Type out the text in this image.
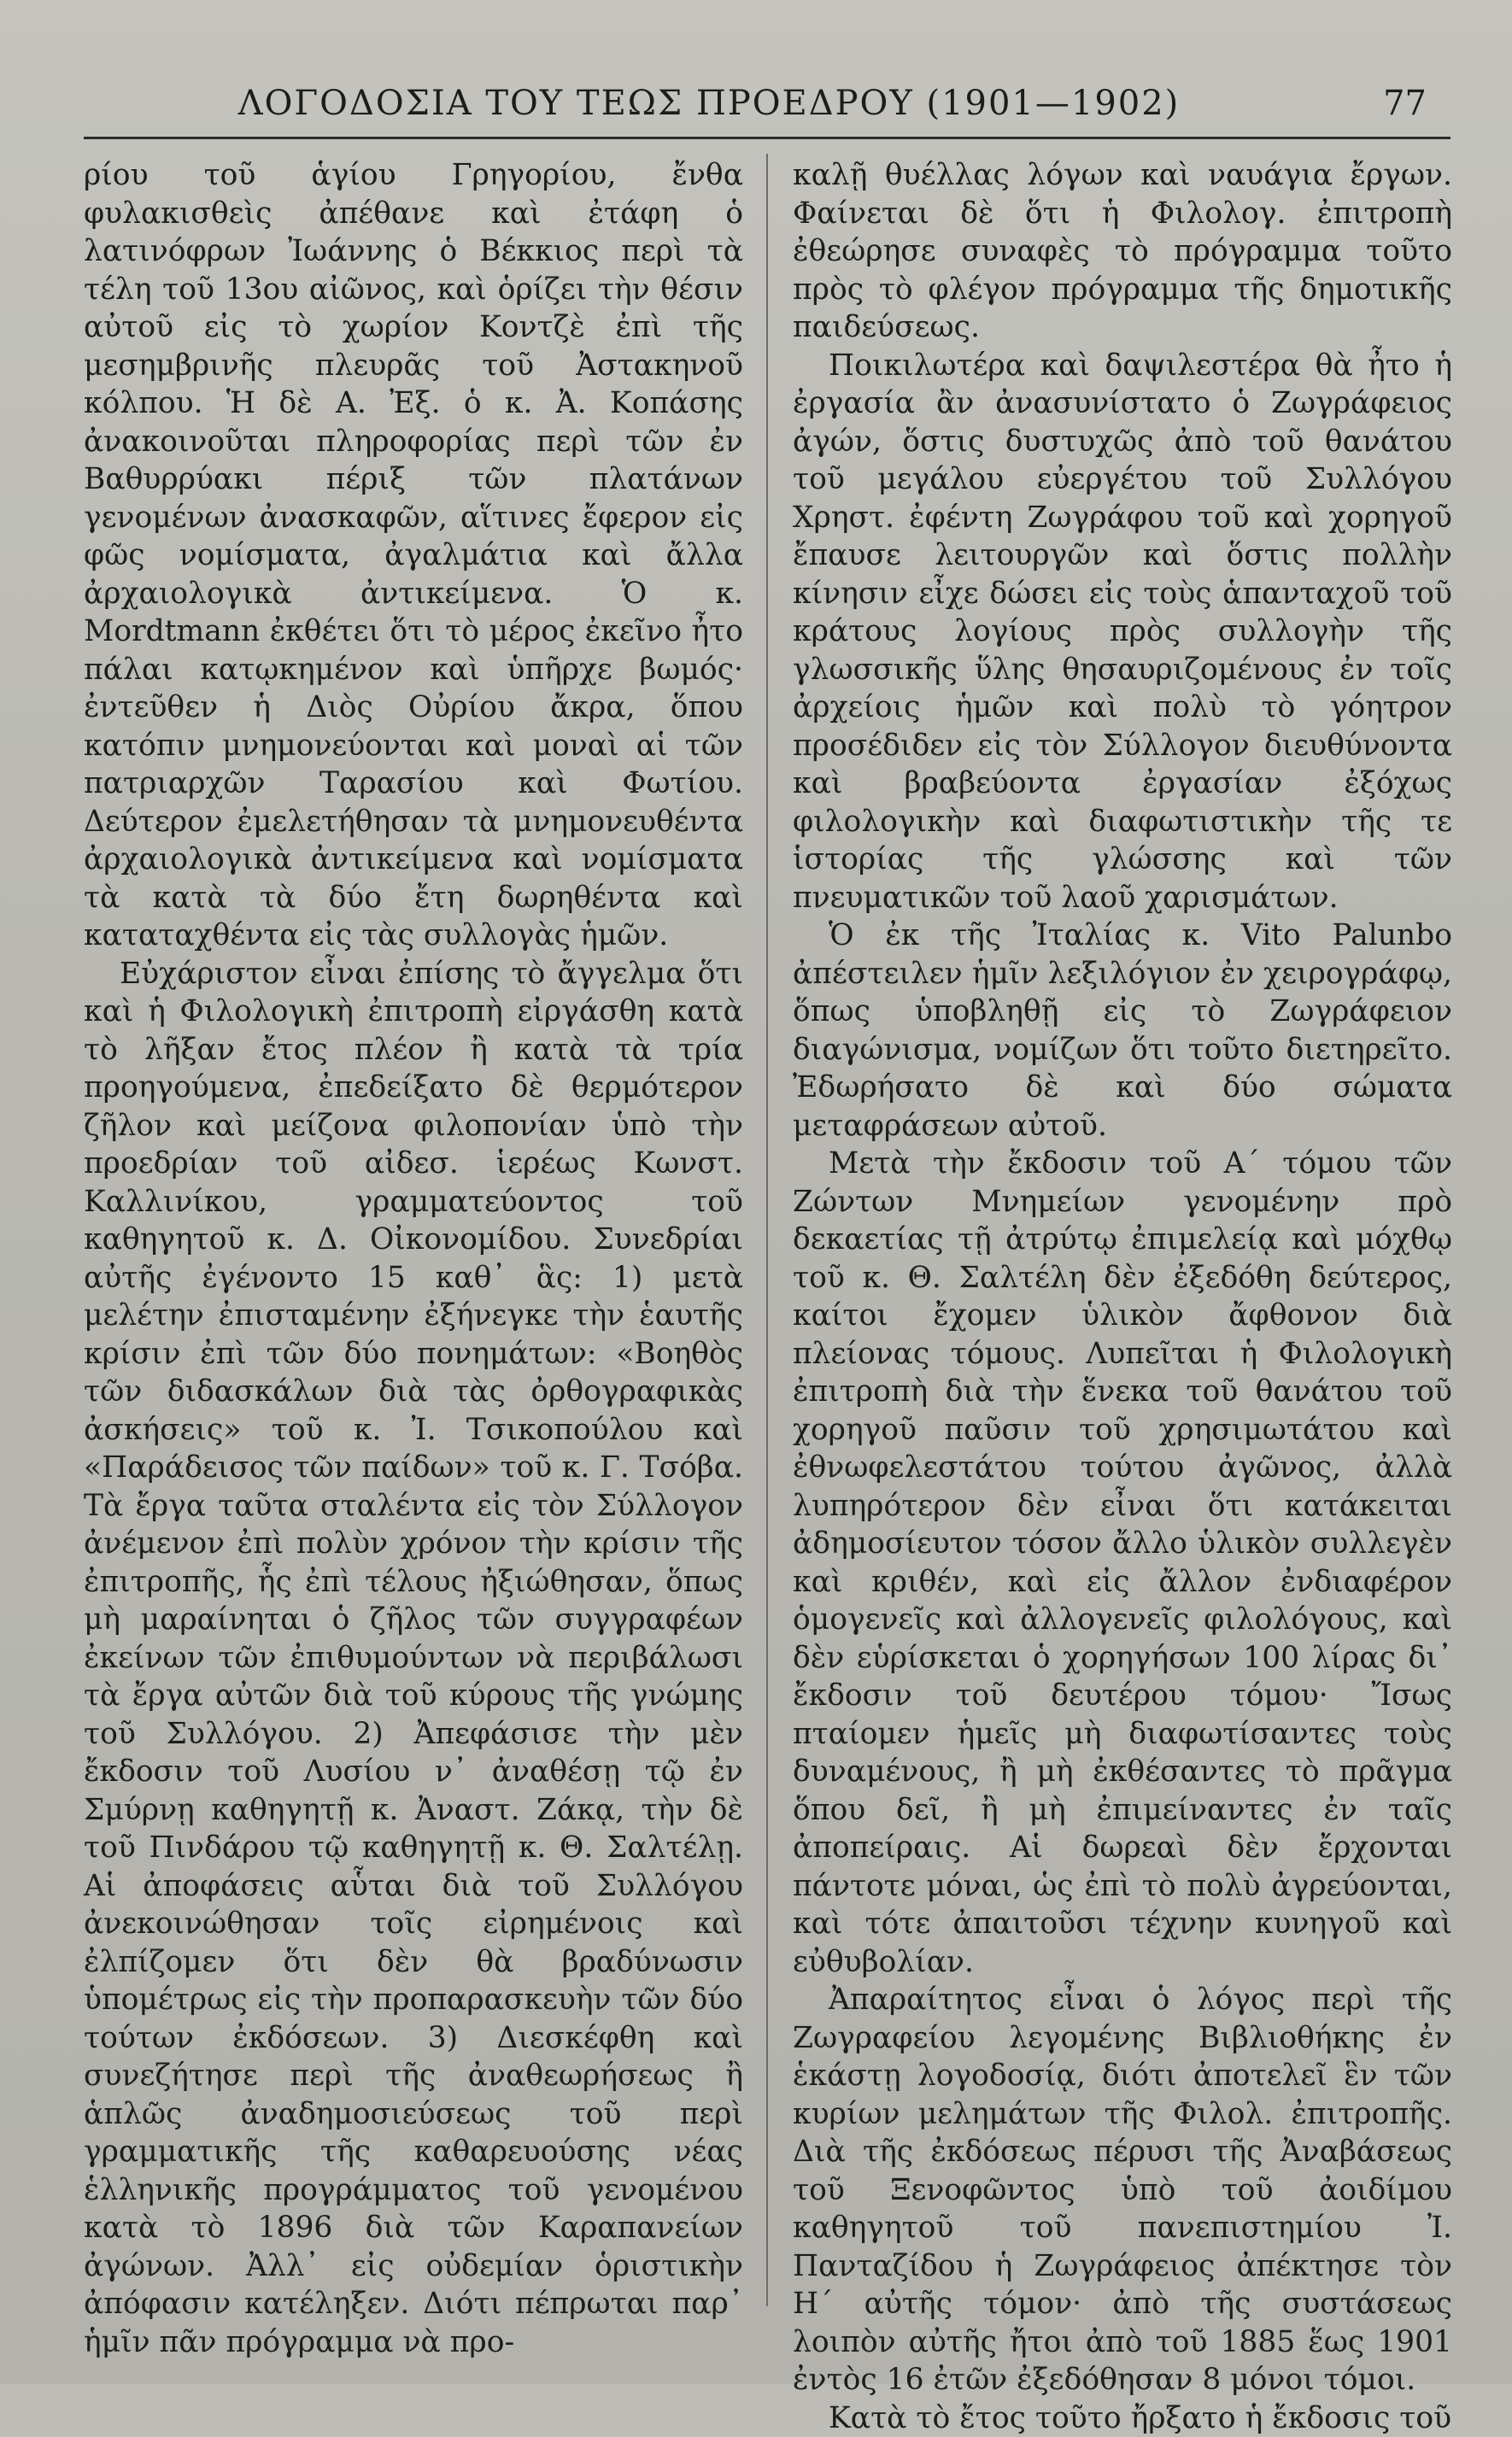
ΛΟΓΟΔΟΣΙΑ ΤΟΥ ΤΕΩΣ ΠΡΟΕΔΡΟΥ (1901—1902)	77

ρίου τοῦ ἁγίου Γρηγορίου, ἔνθα φυλακισθεὶς ἀπέθανε καὶ ἐτάφη ὁ λατινόφρων Ἰωάννης ὁ Βέκκιος περὶ τὰ τέλη τοῦ 13ου αἰῶνος, καὶ ὁρίζει τὴν θέσιν αὐτοῦ εἰς τὸ χωρίον Κοντζὲ ἐπὶ τῆς μεσημβρινῆς πλευρᾶς τοῦ Ἀστακηνοῦ κόλπου. Ἡ δὲ Α. Ἐξ. ὁ κ. Ἀ. Κοπάσης ἀνακοινοῦται πληροφορίας περὶ τῶν ἐν Βαθυρρύακι πέριξ τῶν πλατάνων γενομένων ἀνασκαφῶν, αἵτινες ἔφερον εἰς φῶς νομίσματα, ἀγαλμάτια καὶ ἄλλα ἀρχαιολογικὰ ἀντικείμενα. Ὁ κ. Mordtmann ἐκθέτει ὅτι τὸ μέρος ἐκεῖνο ἦτο πάλαι κατῳκημένον καὶ ὑπῆρχε βωμός· ἐντεῦθεν ἡ Διὸς Οὐρίου ἄκρα, ὅπου κατόπιν μνημονεύονται καὶ μοναὶ αἱ τῶν πατριαρχῶν Ταρασίου καὶ Φωτίου. Δεύτερον ἐμελετήθησαν τὰ μνημονευθέντα ἀρχαιολογικὰ ἀντικείμενα καὶ νομίσματα τὰ κατὰ τὰ δύο ἔτη δωρηθέντα καὶ καταταχθέντα εἰς τὰς συλλογὰς ἡμῶν.

Εὐχάριστον εἶναι ἐπίσης τὸ ἄγγελμα ὅτι καὶ ἡ Φιλολογικὴ ἐπιτροπὴ εἰργάσθη κατὰ τὸ λῆξαν ἔτος πλέον ἢ κατὰ τὰ τρία προηγούμενα, ἐπεδείξατο δὲ θερμότερον ζῆλον καὶ μείζονα φιλοπονίαν ὑπὸ τὴν προεδρίαν τοῦ αἰδεσ. ἱερέως Κωνστ. Καλλινίκου, γραμματεύοντος τοῦ καθηγητοῦ κ. Δ. Οἰκονομίδου. Συνεδρίαι αὐτῆς ἐγένοντο 15 καθ᾽ ἃς: 1) μετὰ μελέτην ἐπισταμένην ἐξήνεγκε τὴν ἑαυτῆς κρίσιν ἐπὶ τῶν δύο πονημάτων: «Βοηθὸς τῶν διδασκάλων διὰ τὰς ὀρθογραφικὰς ἀσκήσεις» τοῦ κ. Ἰ. Τσικοπούλου καὶ «Παράδεισος τῶν παίδων» τοῦ κ. Γ. Τσόβα. Τὰ ἔργα ταῦτα σταλέντα εἰς τὸν Σύλλογον ἀνέμενον ἐπὶ πολὺν χρόνον τὴν κρίσιν τῆς ἐπιτροπῆς, ἧς ἐπὶ τέλους ἠξιώθησαν, ὅπως μὴ μαραίνηται ὁ ζῆλος τῶν συγγραφέων ἐκείνων τῶν ἐπιθυμούντων νὰ περιβάλωσι τὰ ἔργα αὐτῶν διὰ τοῦ κύρους τῆς γνώμης τοῦ Συλλόγου. 2) Ἀπεφάσισε τὴν μὲν ἔκδοσιν τοῦ Λυσίου ν᾽ ἀναθέσῃ τῷ ἐν Σμύρνῃ καθηγητῇ κ. Ἀναστ. Ζάκᾳ, τὴν δὲ τοῦ Πινδάρου τῷ καθηγητῇ κ. Θ. Σαλτέλῃ. Αἱ ἀποφάσεις αὗται διὰ τοῦ Συλλόγου ἀνεκοινώθησαν τοῖς εἰρημένοις καὶ ἐλπίζομεν ὅτι δὲν θὰ βραδύνωσιν ὑπομέτρως εἰς τὴν προπαρασκευὴν τῶν δύο τούτων ἐκδόσεων. 3) Διεσκέφθη καὶ συνεζήτησε περὶ τῆς ἀναθεωρήσεως ἢ ἁπλῶς ἀναδημοσιεύσεως τοῦ περὶ γραμματικῆς τῆς καθαρευούσης νέας ἑλληνικῆς προγράμματος τοῦ γενομένου κατὰ τὸ 1896 διὰ τῶν Καραπανείων ἀγώνων. Ἀλλ᾽ εἰς οὐδεμίαν ὁριστικὴν ἀπόφασιν κατέληξεν. Διότι πέπρωται παρ᾽ ἡμῖν πᾶν πρόγραμμα νὰ προ-

καλῇ θυέλλας λόγων καὶ ναυάγια ἔργων. Φαίνεται δὲ ὅτι ἡ Φιλολογ. ἐπιτροπὴ ἐθεώρησε συναφὲς τὸ πρόγραμμα τοῦτο πρὸς τὸ φλέγον πρόγραμμα τῆς δημοτικῆς παιδεύσεως.

Ποικιλωτέρα καὶ δαψιλεστέρα θὰ ἦτο ἡ ἐργασία ἂν ἀνασυνίστατο ὁ Ζωγράφειος ἀγών, ὅστις δυστυχῶς ἀπὸ τοῦ θανάτου τοῦ μεγάλου εὐεργέτου τοῦ Συλλόγου Χρηστ. ἐφέντη Ζωγράφου τοῦ καὶ χορηγοῦ ἔπαυσε λειτουργῶν καὶ ὅστις πολλὴν κίνησιν εἶχε δώσει εἰς τοὺς ἁπανταχοῦ τοῦ κράτους λογίους πρὸς συλλογὴν τῆς γλωσσικῆς ὕλης θησαυριζομένους ἐν τοῖς ἀρχείοις ἡμῶν καὶ πολὺ τὸ γόητρον προσέδιδεν εἰς τὸν Σύλλογον διευθύνοντα καὶ βραβεύοντα ἐργασίαν ἐξόχως φιλολογικὴν καὶ διαφωτιστικὴν τῆς τε ἱστορίας τῆς γλώσσης καὶ τῶν πνευματικῶν τοῦ λαοῦ χαρισμάτων.

Ὁ ἐκ τῆς Ἰταλίας κ. Vito Palunbo ἀπέστειλεν ἡμῖν λεξιλόγιον ἐν χειρογράφῳ, ὅπως ὑποβληθῇ εἰς τὸ Ζωγράφειον διαγώνισμα, νομίζων ὅτι τοῦτο διετηρεῖτο. Ἐδωρήσατο δὲ καὶ δύο σώματα μεταφράσεων αὐτοῦ.

Μετὰ τὴν ἔκδοσιν τοῦ Α΄ τόμου τῶν Ζώντων Μνημείων γενομένην πρὸ δεκαετίας τῇ ἀτρύτῳ ἐπιμελείᾳ καὶ μόχθῳ τοῦ κ. Θ. Σαλτέλη δὲν ἐξεδόθη δεύτερος, καίτοι ἔχομεν ὑλικὸν ἄφθονον διὰ πλείονας τόμους. Λυπεῖται ἡ Φιλολογικὴ ἐπιτροπὴ διὰ τὴν ἕνεκα τοῦ θανάτου τοῦ χορηγοῦ παῦσιν τοῦ χρησιμωτάτου καὶ ἐθνωφελεστάτου τούτου ἀγῶνος, ἀλλὰ λυπηρότερον δὲν εἶναι ὅτι κατάκειται ἀδημοσίευτον τόσον ἄλλο ὑλικὸν συλλεγὲν καὶ κριθέν, καὶ εἰς ἄλλον ἐνδιαφέρον ὁμογενεῖς καὶ ἀλλογενεῖς φιλολόγους, καὶ δὲν εὑρίσκεται ὁ χορηγήσων 100 λίρας δι᾽ ἔκδοσιν τοῦ δευτέρου τόμου· Ἴσως πταίομεν ἡμεῖς μὴ διαφωτίσαντες τοὺς δυναμένους, ἢ μὴ ἐκθέσαντες τὸ πρᾶγμα ὅπου δεῖ, ἢ μὴ ἐπιμείναντες ἐν ταῖς ἀποπείραις. Αἱ δωρεαὶ δὲν ἔρχονται πάντοτε μόναι, ὡς ἐπὶ τὸ πολὺ ἀγρεύονται, καὶ τότε ἀπαιτοῦσι τέχνην κυνηγοῦ καὶ εὐθυβολίαν.

Ἀπαραίτητος εἶναι ὁ λόγος περὶ τῆς Ζωγραφείου λεγομένης Βιβλιοθήκης ἐν ἑκάστῃ λογοδοσίᾳ, διότι ἀποτελεῖ ἓν τῶν κυρίων μελημάτων τῆς Φιλολ. ἐπιτροπῆς. Διὰ τῆς ἐκδόσεως πέρυσι τῆς Ἀναβάσεως τοῦ Ξενοφῶντος ὑπὸ τοῦ ἀοιδίμου καθηγητοῦ τοῦ πανεπιστημίου Ἰ. Πανταζίδου ἡ Ζωγράφειος ἀπέκτησε τὸν Η΄ αὐτῆς τόμον· ἀπὸ τῆς συστάσεως λοιπὸν αὐτῆς ἤτοι ἀπὸ τοῦ 1885 ἕως 1901 ἐντὸς 16 ἐτῶν ἐξεδόθησαν 8 μόνοι τόμοι.

Κατὰ τὸ ἔτος τοῦτο ἤρξατο ἡ ἔκδοσις τοῦ
